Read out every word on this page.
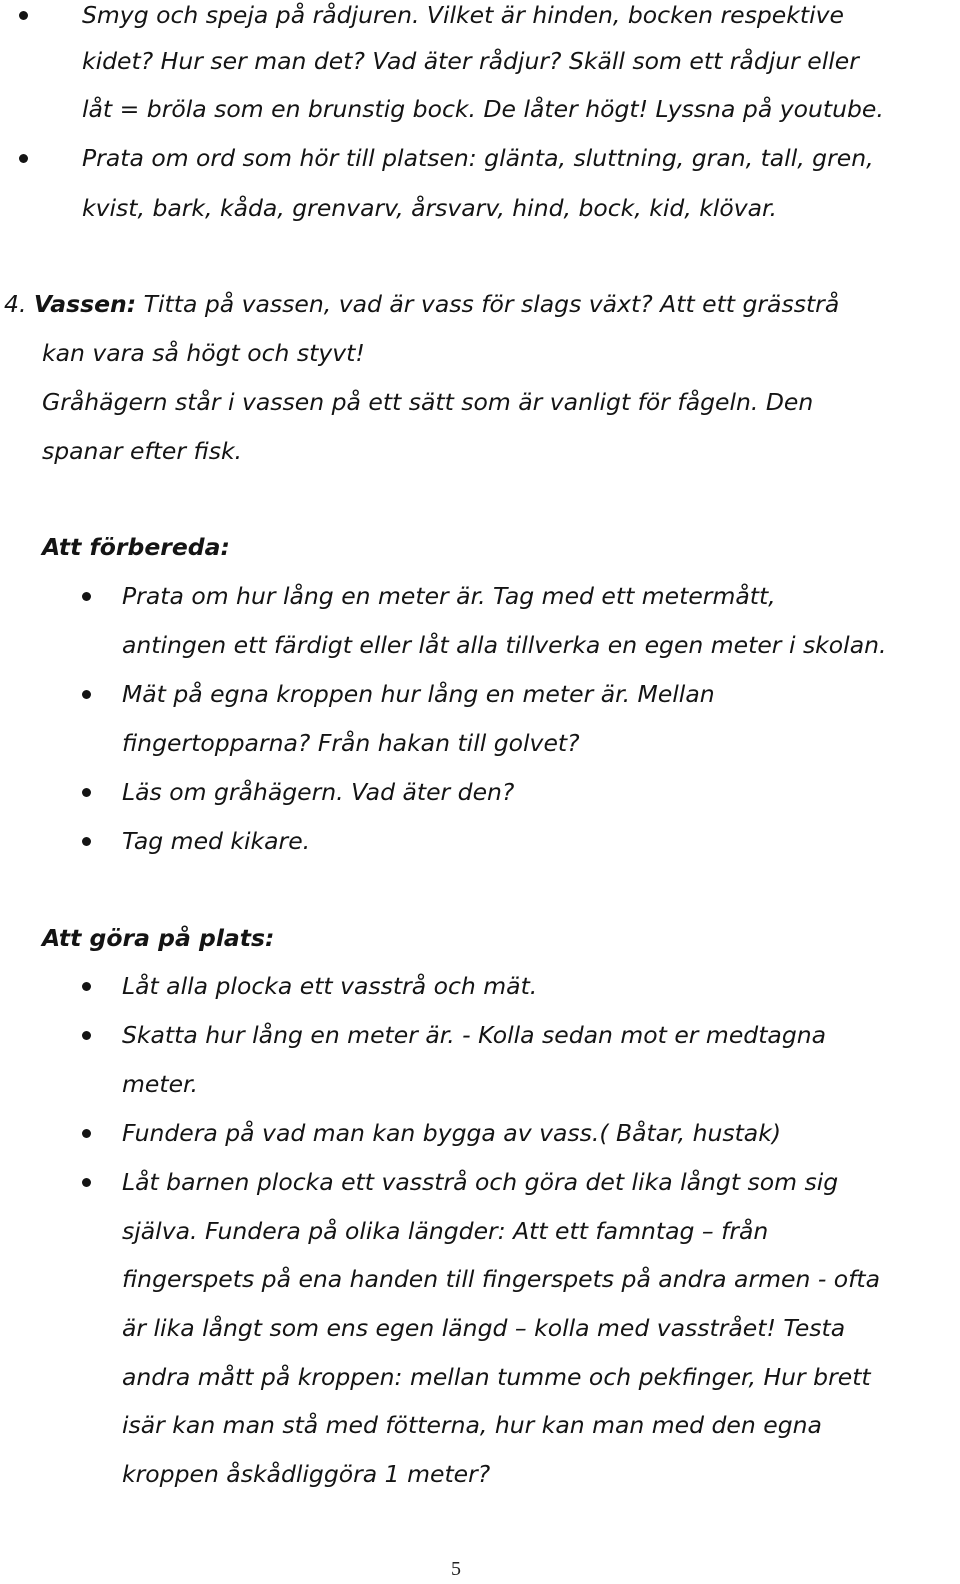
Smyg och speja på rådjuren. Vilket är hinden, bocken respektive
kidet? Hur ser man det? Vad äter rådjur? Skäll som ett rådjur eller
låt = bröla som en brunstig bock. De låter högt! Lyssna på youtube.
Prata om ord som hör till platsen: glänta, sluttning, gran, tall, gren,
kvist, bark, kåda, grenvarv, årsvarv, hind, bock, kid, klövar.
4. Vassen: Titta på vassen, vad är vass för slags växt? Att ett grässtrå
kan vara så högt och styvt!
Gråhägern står i vassen på ett sätt som är vanligt för fågeln. Den
spanar efter fisk.
Att förbereda:
Prata om hur lång en meter är. Tag med ett metermått,
antingen ett färdigt eller låt alla tillverka en egen meter i skolan.
Mät på egna kroppen hur lång en meter är. Mellan
fingertopparna? Från hakan till golvet?
Läs om gråhägern. Vad äter den?
Tag med kikare.
Att göra på plats:
Låt alla plocka ett vasstrå och mät.
Skatta hur lång en meter är. - Kolla sedan mot er medtagna
meter.
Fundera på vad man kan bygga av vass.( Båtar, hustak)
Låt barnen plocka ett vasstrå och göra det lika långt som sig
själva. Fundera på olika längder: Att ett famntag – från
fingerspets på ena handen till fingerspets på andra armen - ofta
är lika långt som ens egen längd – kolla med vasstrået! Testa
andra mått på kroppen: mellan tumme och pekfinger, Hur brett
isär kan man stå med fötterna, hur kan man med den egna
kroppen åskådliggöra 1 meter?
5
